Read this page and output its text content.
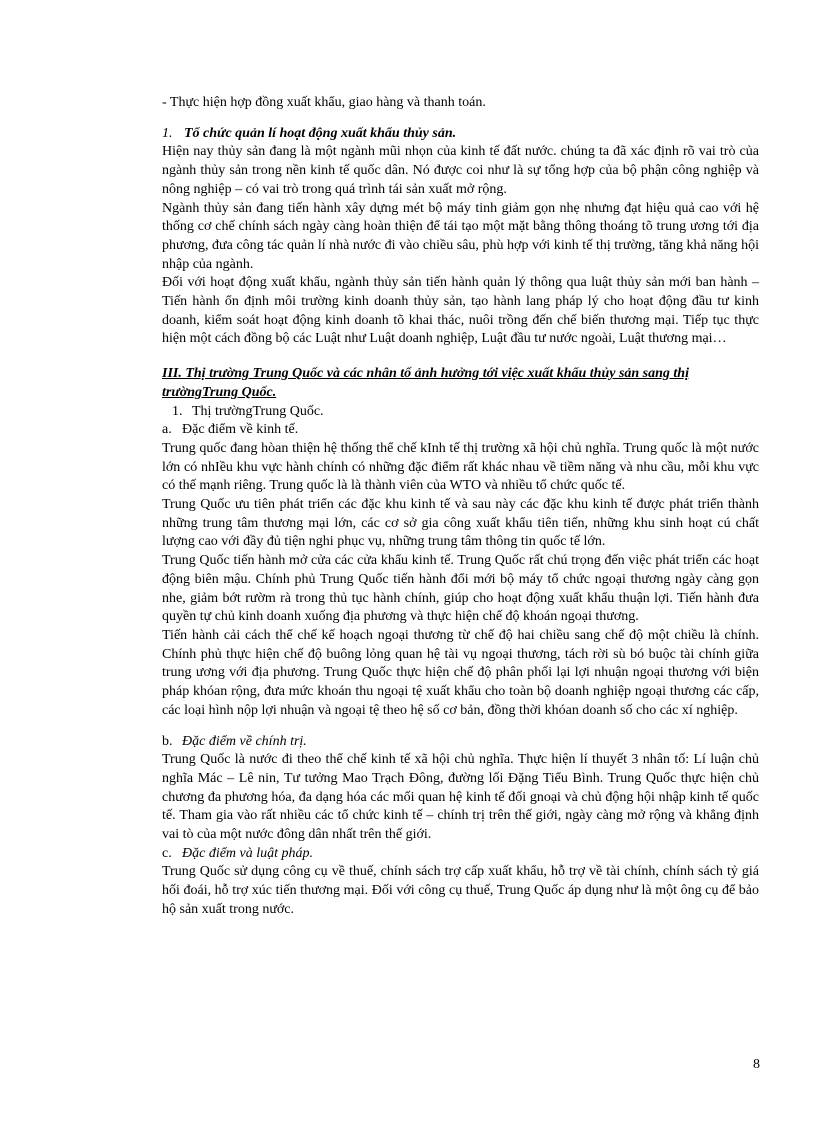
- Thực hiện hợp đồng xuất khẩu, giao hàng và thanh toán.

1. Tổ chức quản lí hoạt động xuất khẩu thủy sản.

Hiện nay thủy sản đang là một ngành mũi nhọn của kinh tế đất nước. chúng ta đã xác định rõ vai trò của ngành thủy sản trong nền kinh tế quốc dân. Nó được coi như là sự tổng hợp của bộ phận công nghiệp và nông nghiệp – có vai trò trong quá trình tái sản xuất mở rộng.

Ngành thủy sản đang tiến hành xây dựng mét bộ máy tinh giảm gọn nhẹ nhưng đạt hiệu quả cao với hệ thống cơ chế chính sách ngày càng hoàn thiện để tái tạo một mặt bằng thông thoáng tõ trung ương tới địa phương, đưa công tác quản lí nhà nước đi vào chiều sâu, phù hợp với kinh tế thị trường, tăng khả năng hội nhập của ngành.

Đối với hoạt động xuất khẩu, ngành thủy sản tiến hành quản lý thông qua luật thủy sản mới ban hành – Tiến hành ổn định môi trường kinh doanh thủy sản, tạo hành lang pháp lý cho hoạt động đầu tư kinh doanh, kiểm soát hoạt động kinh doanh tõ khai thác, nuôi trồng đến chế biến thương mại. Tiếp tục thực hiện một cách đồng bộ các Luật như Luật doanh nghiệp, Luật đầu tư nước ngoài, Luật thương mại…

III. Thị trường Trung Quốc và các nhân tố ảnh hưởng tới việc xuất khẩu thủy sản sang thị trườngTrung Quốc.

1. Thị trườngTrung Quốc.

a. Đặc điểm về kinh tế.

Trung quốc đang hòan thiện hệ thống thể chế kInh tế thị trường xã hội chủ nghĩa. Trung quốc là một nước lớn có nhIều khu vực hành chính có những đặc điểm rất khác nhau về tiềm năng và nhu cầu, mỗi khu vực có thế mạnh riêng. Trung quốc là là thành viên của WTO và nhiều tổ chức quốc tế.

Trung Quốc ưu tiên phát triển các đặc khu kinh tế và sau này các đặc khu kinh tế được phát triển thành những trung tâm thương mại lớn, các cơ sở gia công xuất khẩu tiên tiến, những khu sinh hoạt cú chất lượng cao với đầy đủ tiện nghi phục vụ, những trung tâm thông tin quốc tế lớn.

Trung Quốc tiến hành mở cửa các cửa khẩu kinh tế. Trung Quốc rất chú trọng đến việc phát triển các hoạt động biên mậu. Chính phủ Trung Quốc tiến hành đổi mới bộ máy tổ chức ngoại thương ngày càng gọn nhe, giảm bớt rườm rà trong thủ tục hành chính, giúp cho hoạt động xuất khẩu thuận lợi. Tiến hành đưa quyền tự chủ kinh doanh xuống địa phương và thực hiện chế độ khoán ngoại thương.

Tiến hành cải cách thể chế kế hoạch ngoại thương từ chế độ hai chiều sang chế độ một chiều là chính. Chính phủ thực hiện chế độ buông lỏng quan hệ tài vụ ngoại thương, tách rời sù bó buộc tài chính giữa trung ương với địa phương. Trung Quốc thực hiện chế độ phân phối lại lợi nhuận ngoại thương với biện pháp khóan rộng, đưa mức khoán thu ngoại tệ xuất khẩu cho toàn bộ doanh nghiệp ngoại thương các cấp, các loại hình nộp lợi nhuận và ngoại tệ theo hệ số cơ bản, đồng thời khóan doanh số cho các xí nghiệp.

b. Đặc điểm về chính trị.

Trung Quốc là nước đi theo thể chế kinh tế xã hội chủ nghĩa. Thực hiện lí thuyết 3 nhân tố: Lí luận chủ nghĩa Mác – Lê nin, Tư tưởng Mao Trạch Đông, đường lối Đặng Tiểu Bình. Trung Quốc thực hiện chủ chương đa phương hóa, đa dạng hóa các mối quan hệ kinh tế đối gnoại và chủ động hội nhập kinh tế quốc tế. Tham gia vào rất nhiều các tổ chức kinh tế – chính trị trên thế giới, ngày càng mở rộng và khẳng định vai tò của một nước đông dân nhất trên thế giới.

c. Đặc điểm và luật pháp.

Trung Quốc sử dụng công cụ về thuế, chính sách trợ cấp xuất khẩu, hỗ trợ về tài chính, chính sách tỷ giá hối đoái, hỗ trợ xúc tiến thương mại. Đối với công cụ thuế, Trung Quốc áp dụng như là một ông cụ để bảo hộ sản xuất trong nước.

8
